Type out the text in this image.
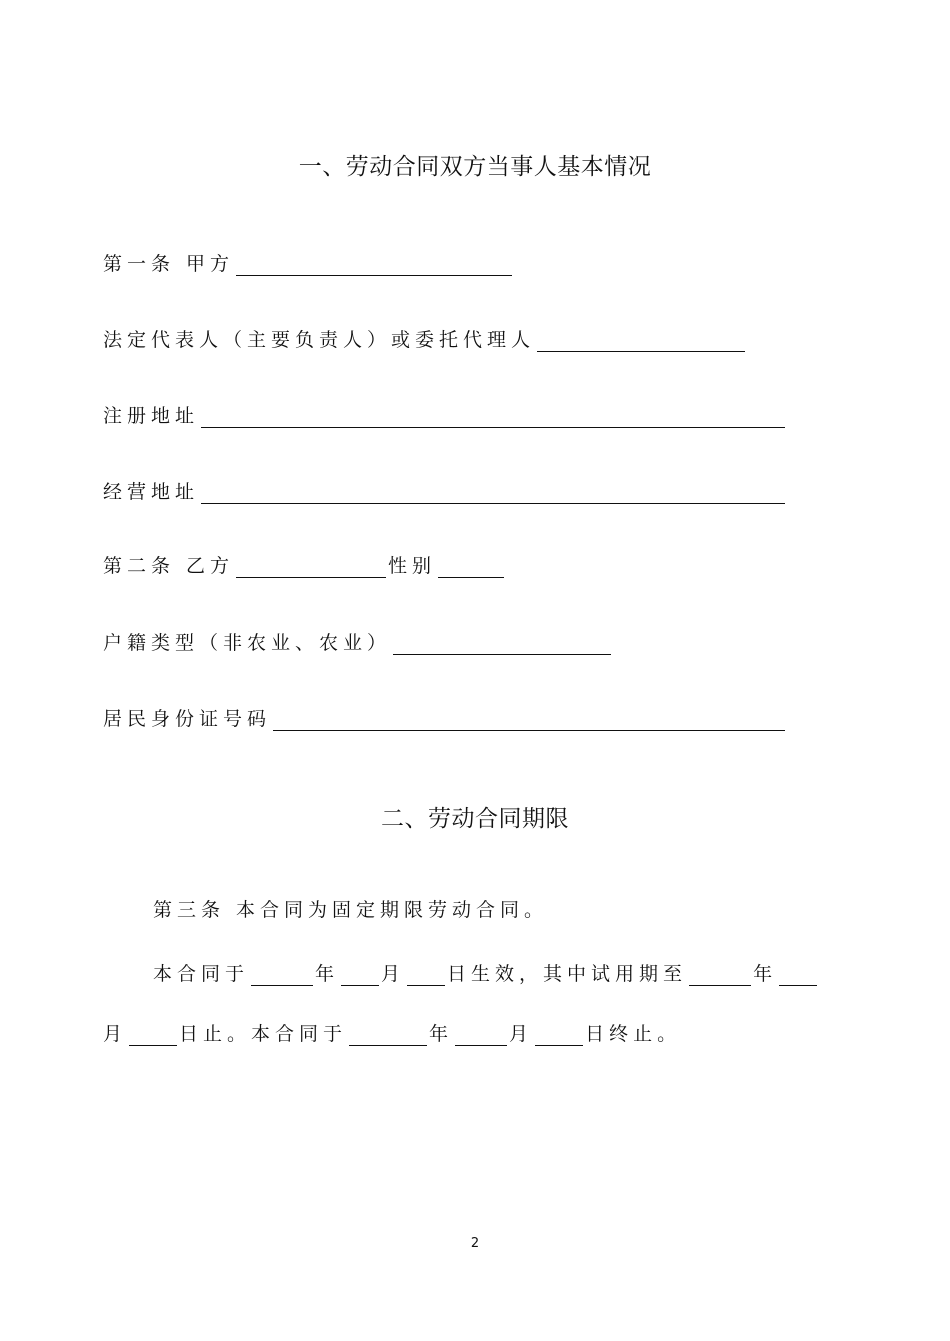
一、劳动合同双方当事人基本情况
第一条 甲方
法定代表人（主要负责人）或委托代理人
注册地址
经营地址
第二条 乙方	性别
户籍类型（非农业、农业）
居民身份证号码
二、劳动合同期限
第三条 本合同为固定期限劳动合同。
本合同于	年 月 日生效，其中试用期至	年
月	日止。本合同于	年	月	日终止。
2
